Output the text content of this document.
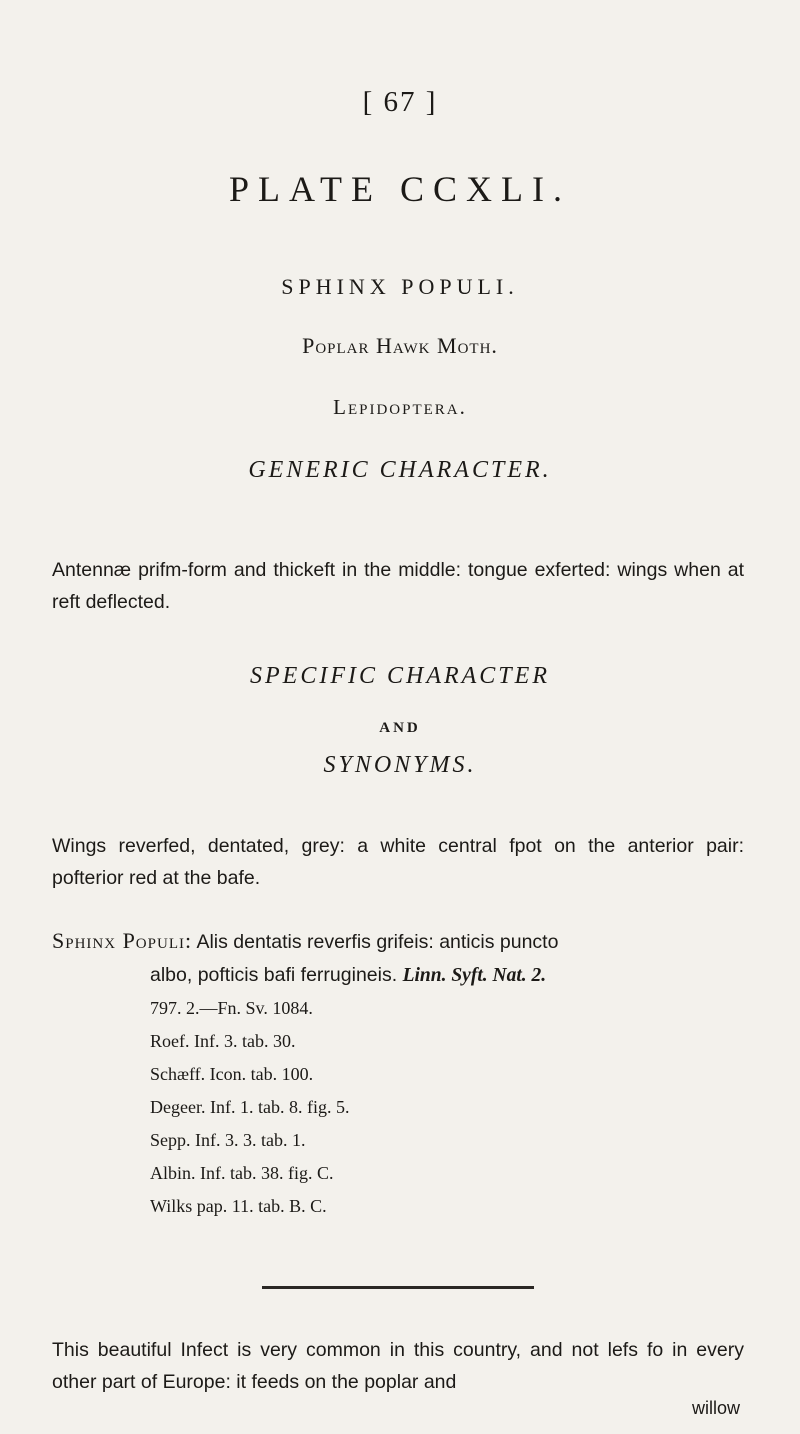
[ 67 ]
PLATE CCXLI.
SPHINX POPULI.
Poplar Hawk Moth.
Lepidoptera.
GENERIC CHARACTER.
Antennæ prifm-form and thickeft in the middle: tongue exferted: wings when at reft deflected.
SPECIFIC CHARACTER
AND
SYNONYMS.
Wings reverfed, dentated, grey: a white central fpot on the anterior pair: pofterior red at the bafe.
Sphinx Populi: Alis dentatis reverfis grifeis: anticis puncto
albo, pofticis bafi ferrugineis. Linn. Syft. Nat. 2.
797. 2.—Fn. Sv. 1084.
Roef. Inf. 3. tab. 30.
Schæff. Icon. tab. 100.
Degeer. Inf. 1. tab. 8. fig. 5.
Sepp. Inf. 3. 3. tab. 1.
Albin. Inf. tab. 38. fig. C.
Wilks pap. 11. tab. B. C.
This beautiful Infect is very common in this country, and not lefs fo in every other part of Europe: it feeds on the poplar and
willow
